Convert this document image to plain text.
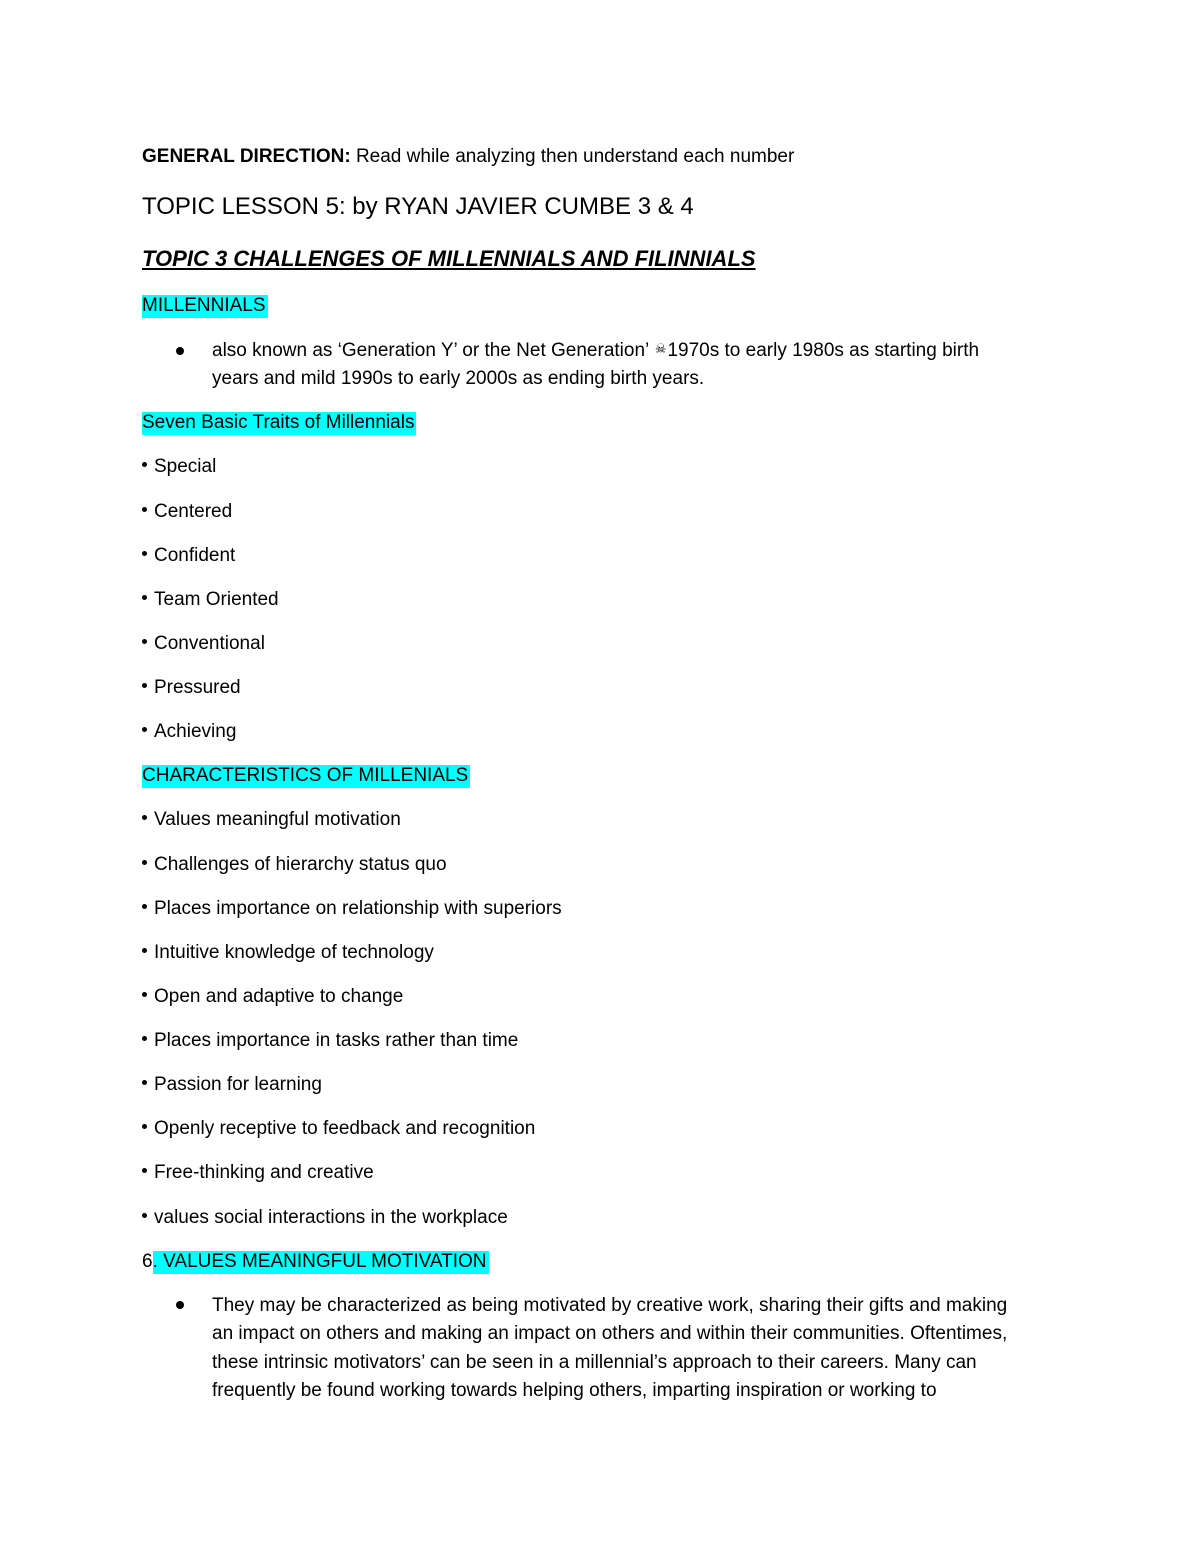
GENERAL DIRECTION: Read while analyzing then understand each number
TOPIC LESSON 5: by RYAN JAVIER CUMBE 3 & 4
TOPIC 3 CHALLENGES OF MILLENNIALS AND FILINNIALS
MILLENNIALS
also known as ‘Generation Y’ or the Net Generation’ ☠1970s to early 1980s as starting birth
years and mild 1990s to early 2000s as ending birth years.
Seven Basic Traits of Millennials
Special
Centered
Confident
Team Oriented
Conventional
Pressured
Achieving
CHARACTERISTICS OF MILLENIALS
Values meaningful motivation
Challenges of hierarchy status quo
Places importance on relationship with superiors
Intuitive knowledge of technology
Open and adaptive to change
Places importance in tasks rather than time
Passion for learning
Openly receptive to feedback and recognition
Free-thinking and creative
values social interactions in the workplace
6. VALUES MEANINGFUL MOTIVATION
They may be characterized as being motivated by creative work, sharing their gifts and making
an impact on others and making an impact on others and within their communities. Oftentimes,
these intrinsic motivators’ can be seen in a millennial’s approach to their careers. Many can
frequently be found working towards helping others, imparting inspiration or working to
